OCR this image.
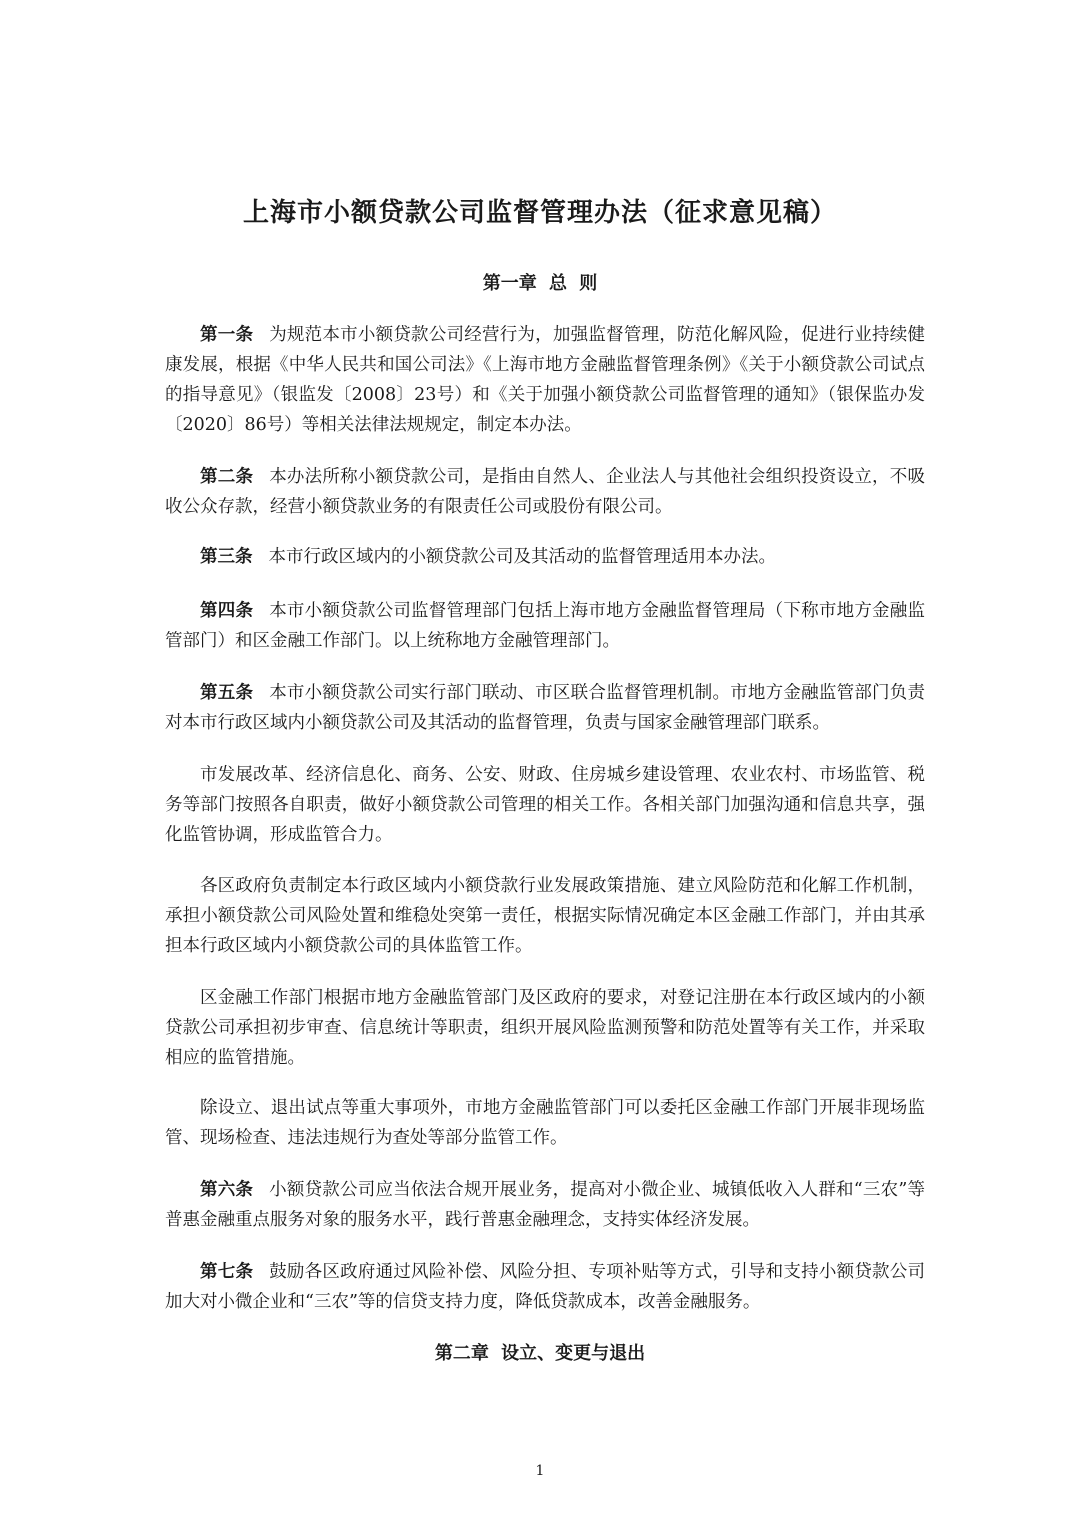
上海市小额贷款公司监督管理办法（征求意见稿）
第一章 总 则

第一条 为规范本市小额贷款公司经营行为，加强监督管理，防范化解风险，促进行业持续健康发展，根据《中华人民共和国公司法》《上海市地方金融监督管理条例》《关于小额贷款公司试点的指导意见》（银监发〔2008〕23号）和《关于加强小额贷款公司监督管理的通知》（银保监办发〔2020〕86号）等相关法律法规规定，制定本办法。

第二条 本办法所称小额贷款公司，是指由自然人、企业法人与其他社会组织投资设立，不吸收公众存款，经营小额贷款业务的有限责任公司或股份有限公司。

第三条 本市行政区域内的小额贷款公司及其活动的监督管理适用本办法。

第四条 本市小额贷款公司监督管理部门包括上海市地方金融监督管理局（下称市地方金融监管部门）和区金融工作部门。以上统称地方金融管理部门。

第五条 本市小额贷款公司实行部门联动、市区联合监督管理机制。市地方金融监管部门负责对本市行政区域内小额贷款公司及其活动的监督管理，负责与国家金融管理部门联系。

市发展改革、经济信息化、商务、公安、财政、住房城乡建设管理、农业农村、市场监管、税务等部门按照各自职责，做好小额贷款公司管理的相关工作。各相关部门加强沟通和信息共享，强化监管协调，形成监管合力。

各区政府负责制定本行政区域内小额贷款行业发展政策措施、建立风险防范和化解工作机制，承担小额贷款公司风险处置和维稳处突第一责任，根据实际情况确定本区金融工作部门，并由其承担本行政区域内小额贷款公司的具体监管工作。

区金融工作部门根据市地方金融监管部门及区政府的要求，对登记注册在本行政区域内的小额贷款公司承担初步审查、信息统计等职责，组织开展风险监测预警和防范处置等有关工作，并采取相应的监管措施。

除设立、退出试点等重大事项外，市地方金融监管部门可以委托区金融工作部门开展非现场监管、现场检查、违法违规行为查处等部分监管工作。

第六条 小额贷款公司应当依法合规开展业务，提高对小微企业、城镇低收入人群和“三农”等普惠金融重点服务对象的服务水平，践行普惠金融理念，支持实体经济发展。

第七条 鼓励各区政府通过风险补偿、风险分担、专项补贴等方式，引导和支持小额贷款公司加大对小微企业和“三农”等的信贷支持力度，降低贷款成本，改善金融服务。

第二章 设立、变更与退出
1
